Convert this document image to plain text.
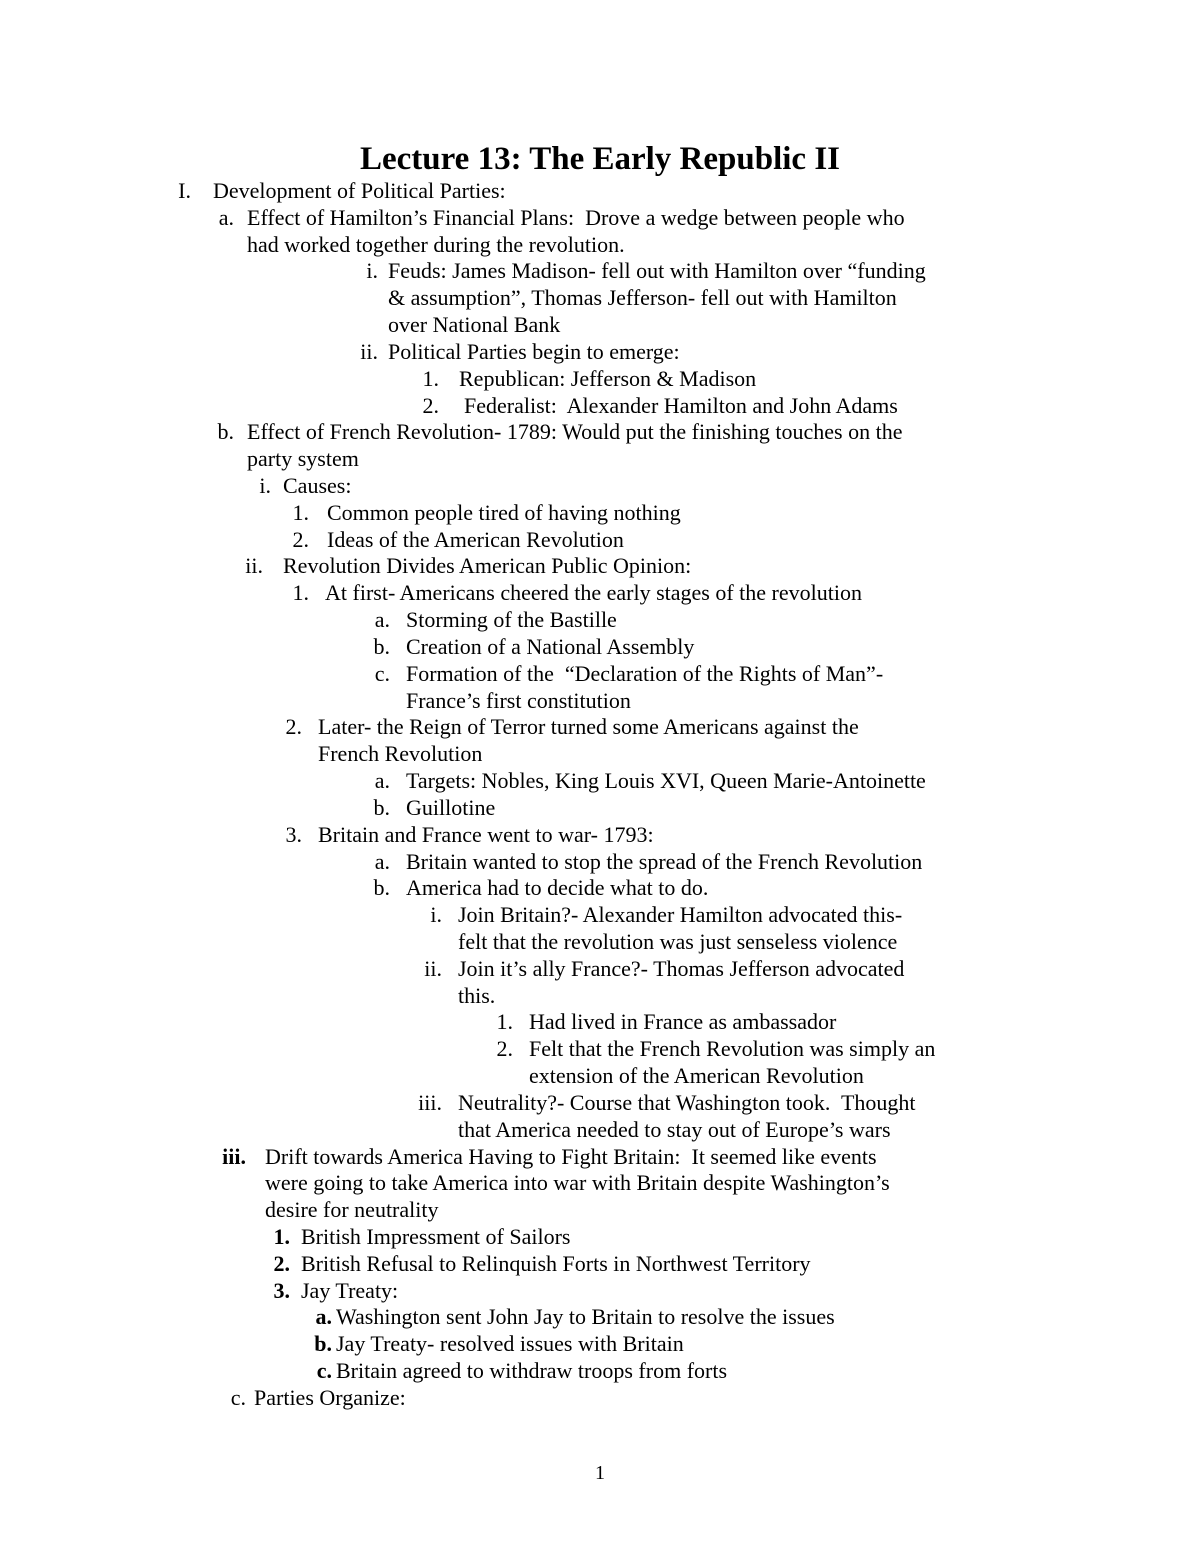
Lecture 13: The Early Republic II
I. Development of Political Parties:
a. Effect of Hamilton’s Financial Plans:  Drove a wedge between people who
had worked together during the revolution.
i. Feuds: James Madison- fell out with Hamilton over “funding
& assumption”, Thomas Jefferson- fell out with Hamilton
over National Bank
ii. Political Parties begin to emerge:
1. Republican: Jefferson & Madison
2. Federalist:  Alexander Hamilton and John Adams
b. Effect of French Revolution- 1789: Would put the finishing touches on the
party system
i. Causes:
1. Common people tired of having nothing
2. Ideas of the American Revolution
ii. Revolution Divides American Public Opinion:
1. At first- Americans cheered the early stages of the revolution
a. Storming of the Bastille
b. Creation of a National Assembly
c. Formation of the  “Declaration of the Rights of Man”-
France’s first constitution
2. Later- the Reign of Terror turned some Americans against the
French Revolution
a. Targets: Nobles, King Louis XVI, Queen Marie-Antoinette
b. Guillotine
3. Britain and France went to war- 1793:
a. Britain wanted to stop the spread of the French Revolution
b. America had to decide what to do.
i. Join Britain?- Alexander Hamilton advocated this-
felt that the revolution was just senseless violence
ii. Join it’s ally France?- Thomas Jefferson advocated
this.
1. Had lived in France as ambassador
2. Felt that the French Revolution was simply an
extension of the American Revolution
iii. Neutrality?- Course that Washington took.  Thought
that America needed to stay out of Europe’s wars
iii. Drift towards America Having to Fight Britain:  It seemed like events
were going to take America into war with Britain despite Washington’s
desire for neutrality
1. British Impressment of Sailors
2. British Refusal to Relinquish Forts in Northwest Territory
3. Jay Treaty:
a. Washington sent John Jay to Britain to resolve the issues
b. Jay Treaty- resolved issues with Britain
c. Britain agreed to withdraw troops from forts
c. Parties Organize:
1
